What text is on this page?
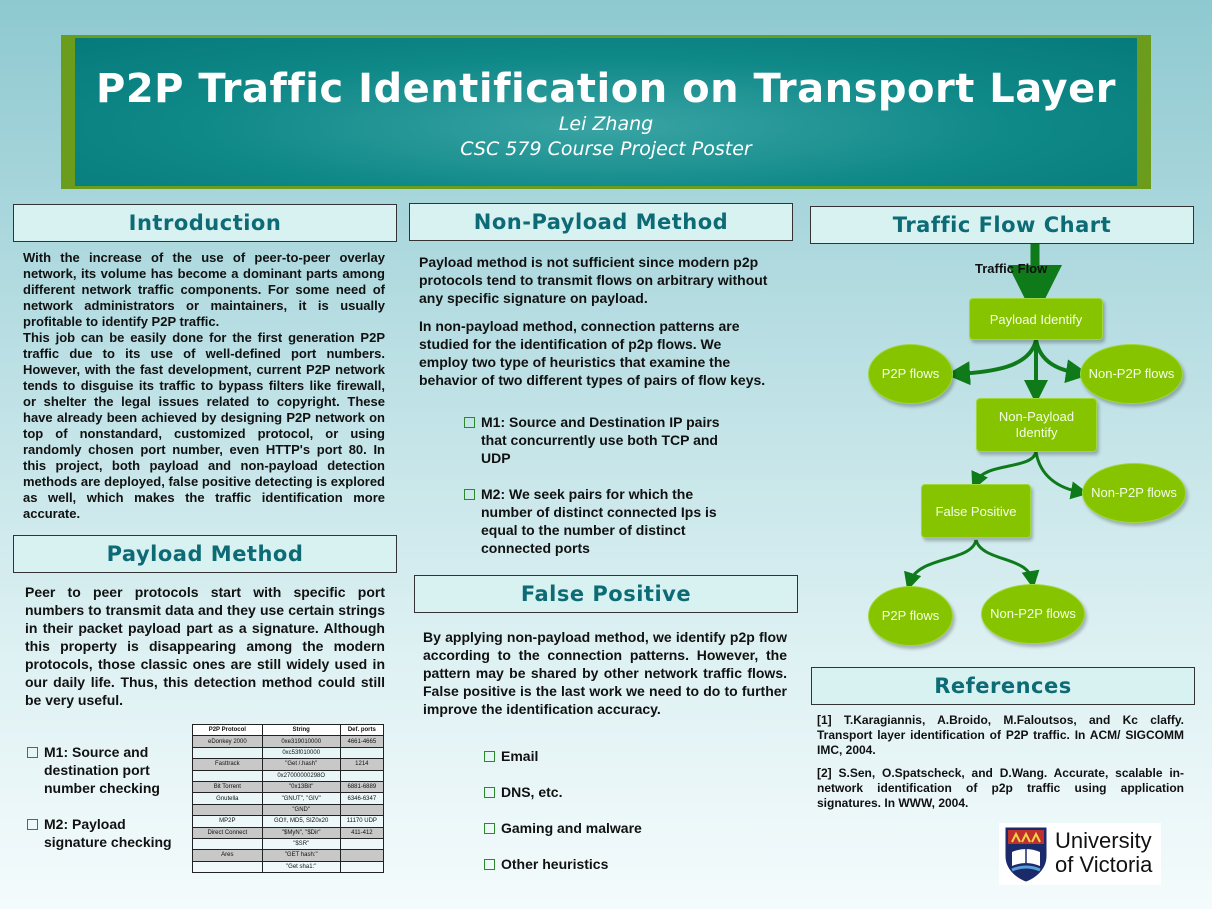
P2P Traffic Identification on Transport Layer
Lei Zhang
CSC 579 Course Project Poster
Introduction

With the increase of the use of peer-to-peer overlay network, its volume has become a dominant parts among different network traffic components. For some need of network administrators or maintainers, it is usually profitable to identify P2P traffic.

This job can be easily done for the first generation P2P traffic due to its use of well-defined port numbers. However, with the fast development, current P2P network tends to disguise its traffic to bypass filters like firewall, or shelter the legal issues related to copyright. These have already been achieved by designing P2P network on top of nonstandard, customized protocol, or using randomly chosen port number, even HTTP's port 80. In this project, both payload and non-payload detection methods are deployed, false positive detecting is explored as well, which makes the traffic identification more accurate.

Payload Method
Peer to peer protocols start with specific port numbers to transmit data and they use certain strings in their packet payload part as a signature. Although this property is disappearing among the modern protocols, those classic ones are still widely used in our daily life. Thus, this detection method could still be very useful.
M1: Source and destination port number checking
M2: Payload signature checking
P2P Protocol	String	Def. ports
eDonkey 2000	0xe319010000	4661-4665
	0xc53f010000	
Fasttrack	"Get /.hash"	1214
	0x27000000298O	
Bit Torrent	"0x13Bit"	6881-6889
Gnutella	"GNUT", "GIV"	6346-6347
	"GND"	
MP2P	GO!!, MD5, SIZ0x20	11170 UDP
Direct Connect	"$MyN", "$Dir"	411-412
	"$SR"	
Ares	"GET hash:"	
	"Get sha1:"	
Non-Payload Method
Payload method is not sufficient since modern p2p protocols tend to transmit flows on arbitrary without any specific signature on payload.
In non-payload method, connection patterns are studied for the identification of p2p flows. We employ two type of heuristics that examine the behavior of two different types of pairs of flow keys.
M1: Source and Destination IP pairs that concurrently use both TCP and UDP
M2: We seek pairs for which the number of distinct connected Ips is equal to the number of distinct connected ports
False Positive
By applying non-payload method, we identify p2p flow according to the connection patterns. However, the pattern may be shared by other network traffic flows. False positive is the last work we need to do to further improve the identification accuracy.
Email
DNS, etc.
Gaming and malware
Other heuristics
Traffic Flow Chart
Traffic Flow
Payload Identify
P2P flows	Non-P2P flows
Non-Payload Identify
Non-P2P flows
False Positive
P2P flows	Non-P2P flows
References
[1] T.Karagiannis, A.Broido, M.Faloutsos, and Kc claffy. Transport layer identification of P2P traffic. In ACM/ SIGCOMM IMC, 2004.
[2] S.Sen, O.Spatscheck, and D.Wang. Accurate, scalable in-network identification of p2p traffic using application signatures. In WWW, 2004.
University
of Victoria
